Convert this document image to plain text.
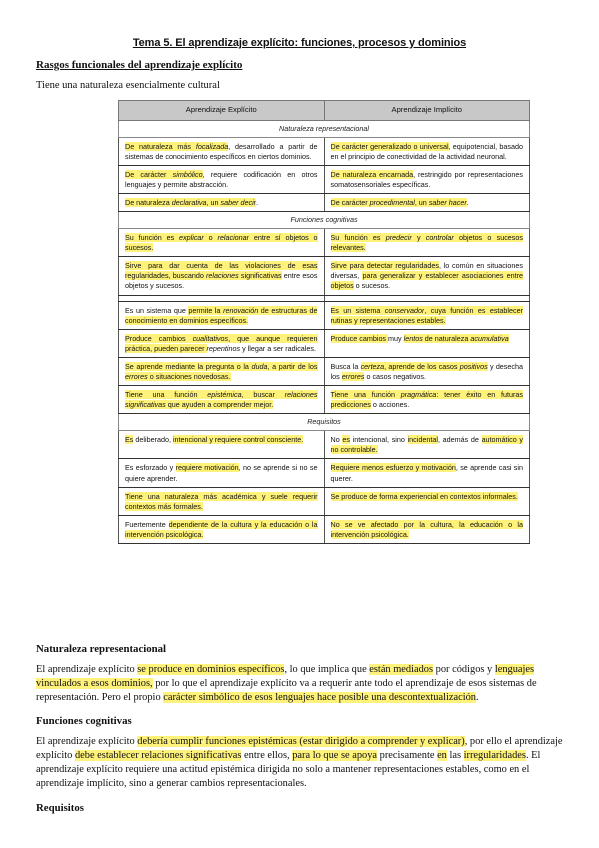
Tema 5. El aprendizaje explícito: funciones, procesos y dominios
Rasgos funcionales del aprendizaje explícito
Tiene una naturaleza esencialmente cultural
Aprendizaje Explícito	Aprendizaje Implícito
Naturaleza representacional	
De naturaleza más focalizada, desarrollado a partir de sistemas de conocimiento específicos en ciertos dominios.	De carácter generalizado o universal, equipotencial, basado en el principio de conectividad de la actividad neuronal.
De carácter simbólico, requiere codificación en otros lenguajes y permite abstracción.	De naturaleza encarnada, restringido por representaciones somatosensoriales específicas.
De naturaleza declarativa, un saber decir.	De carácter procedimental, un saber hacer.
Funciones cognitivas	
Su función es explicar o relacionar entre sí objetos o sucesos.	Su función es predecir y controlar objetos o sucesos relevantes.
Sirve para dar cuenta de las violaciones de esas regularidades, buscando relaciones significativas entre esos objetos y sucesos.	Sirve para detectar regularidades, lo común en situaciones diversas, para generalizar y establecer asociaciones entre objetos o sucesos.

Es un sistema que permite la renovación de estructuras de conocimiento en dominios específicos.	Es un sistema conservador, cuya función es establecer rutinas y representaciones estables.
Produce cambios cualitativos, que aunque requieren práctica, pueden parecer repentinos y llegar a ser radicales.	Produce cambios muy lentos de naturaleza acumulativa
Se aprende mediante la pregunta o la duda, a partir de los errores o situaciones novedosas.	Busca la certeza, aprende de los casos positivos y desecha los errores o casos negativos.
Tiene una función epistémica, buscar relaciones significativas que ayuden a comprender mejor.	Tiene una función pragmática: tener éxito en futuras predicciones o acciones.
Requisitos	
Es deliberado, intencional y requiere control consciente.	No es intencional, sino incidental, además de automático y no controlable.
Es esforzado y requiere motivación, no se aprende si no se quiere aprender.	Requiere menos esfuerzo y motivación, se aprende casi sin querer.
Tiene una naturaleza más académica y suele requerir contextos más formales.	Se produce de forma experiencial en contextos informales.
Fuertemente dependiente de la cultura y la educación o la intervención psicológica.	No se ve afectado por la cultura, la educación o la intervención psicológica.
Naturaleza representacional
El aprendizaje explícito se produce en dominios específicos, lo que implica que están mediados por códigos y lenguajes vinculados a esos dominios, por lo que el aprendizaje explícito va a requerir ante todo el aprendizaje de esos sistemas de representación. Pero el propio carácter simbólico de esos lenguajes hace posible una descontextualización.
Funciones cognitivas
El aprendizaje explícito debería cumplir funciones epistémicas (estar dirigido a comprender y explicar), por ello el aprendizaje explícito debe establecer relaciones significativas entre ellos, para lo que se apoya precisamente en las irregularidades. El aprendizaje explícito requiere una actitud epistémica dirigida no solo a mantener representaciones estables, como en el aprendizaje implícito, sino a generar cambios representacionales.
Requisitos
